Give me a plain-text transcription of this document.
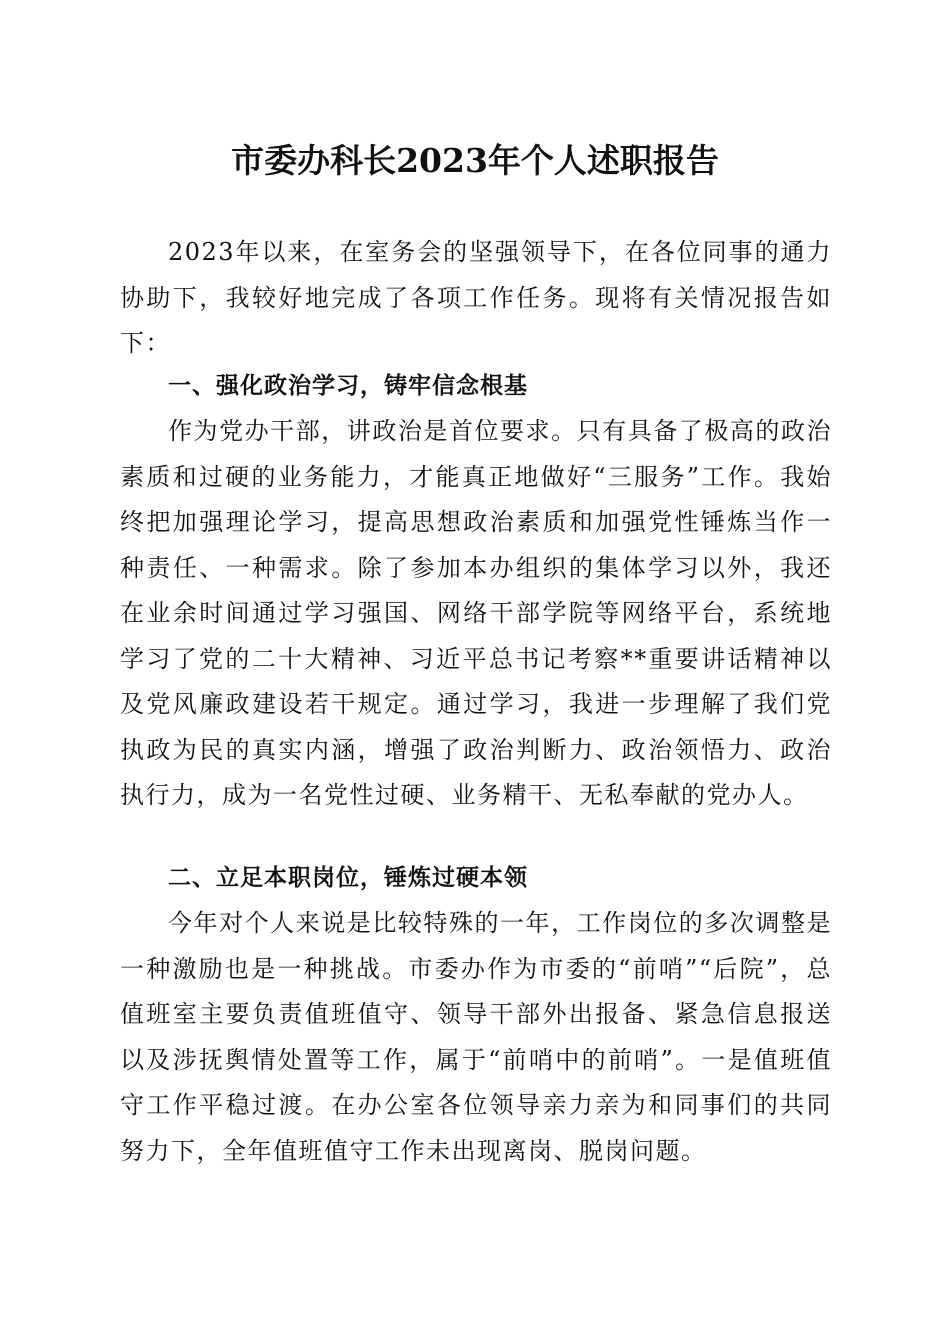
市委办科长2023年个人述职报告

2023年以来，在室务会的坚强领导下，在各位同事的通力协助下，我较好地完成了各项工作任务。现将有关情况报告如下：

一、强化政治学习，铸牢信念根基

作为党办干部，讲政治是首位要求。只有具备了极高的政治素质和过硬的业务能力，才能真正地做好“三服务”工作。我始终把加强理论学习，提高思想政治素质和加强党性锤炼当作一种责任、一种需求。除了参加本办组织的集体学习以外，我还在业余时间通过学习强国、网络干部学院等网络平台，系统地学习了党的二十大精神、习近平总书记考察**重要讲话精神以及党风廉政建设若干规定。通过学习，我进一步理解了我们党执政为民的真实内涵，增强了政治判断力、政治领悟力、政治执行力，成为一名党性过硬、业务精干、无私奉献的党办人。

二、立足本职岗位，锤炼过硬本领

今年对个人来说是比较特殊的一年，工作岗位的多次调整是一种激励也是一种挑战。市委办作为市委的“前哨”“后院”，总值班室主要负责值班值守、领导干部外出报备、紧急信息报送以及涉抚舆情处置等工作，属于“前哨中的前哨”。一是值班值守工作平稳过渡。在办公室各位领导亲力亲为和同事们的共同努力下，全年值班值守工作未出现离岗、脱岗问题。
